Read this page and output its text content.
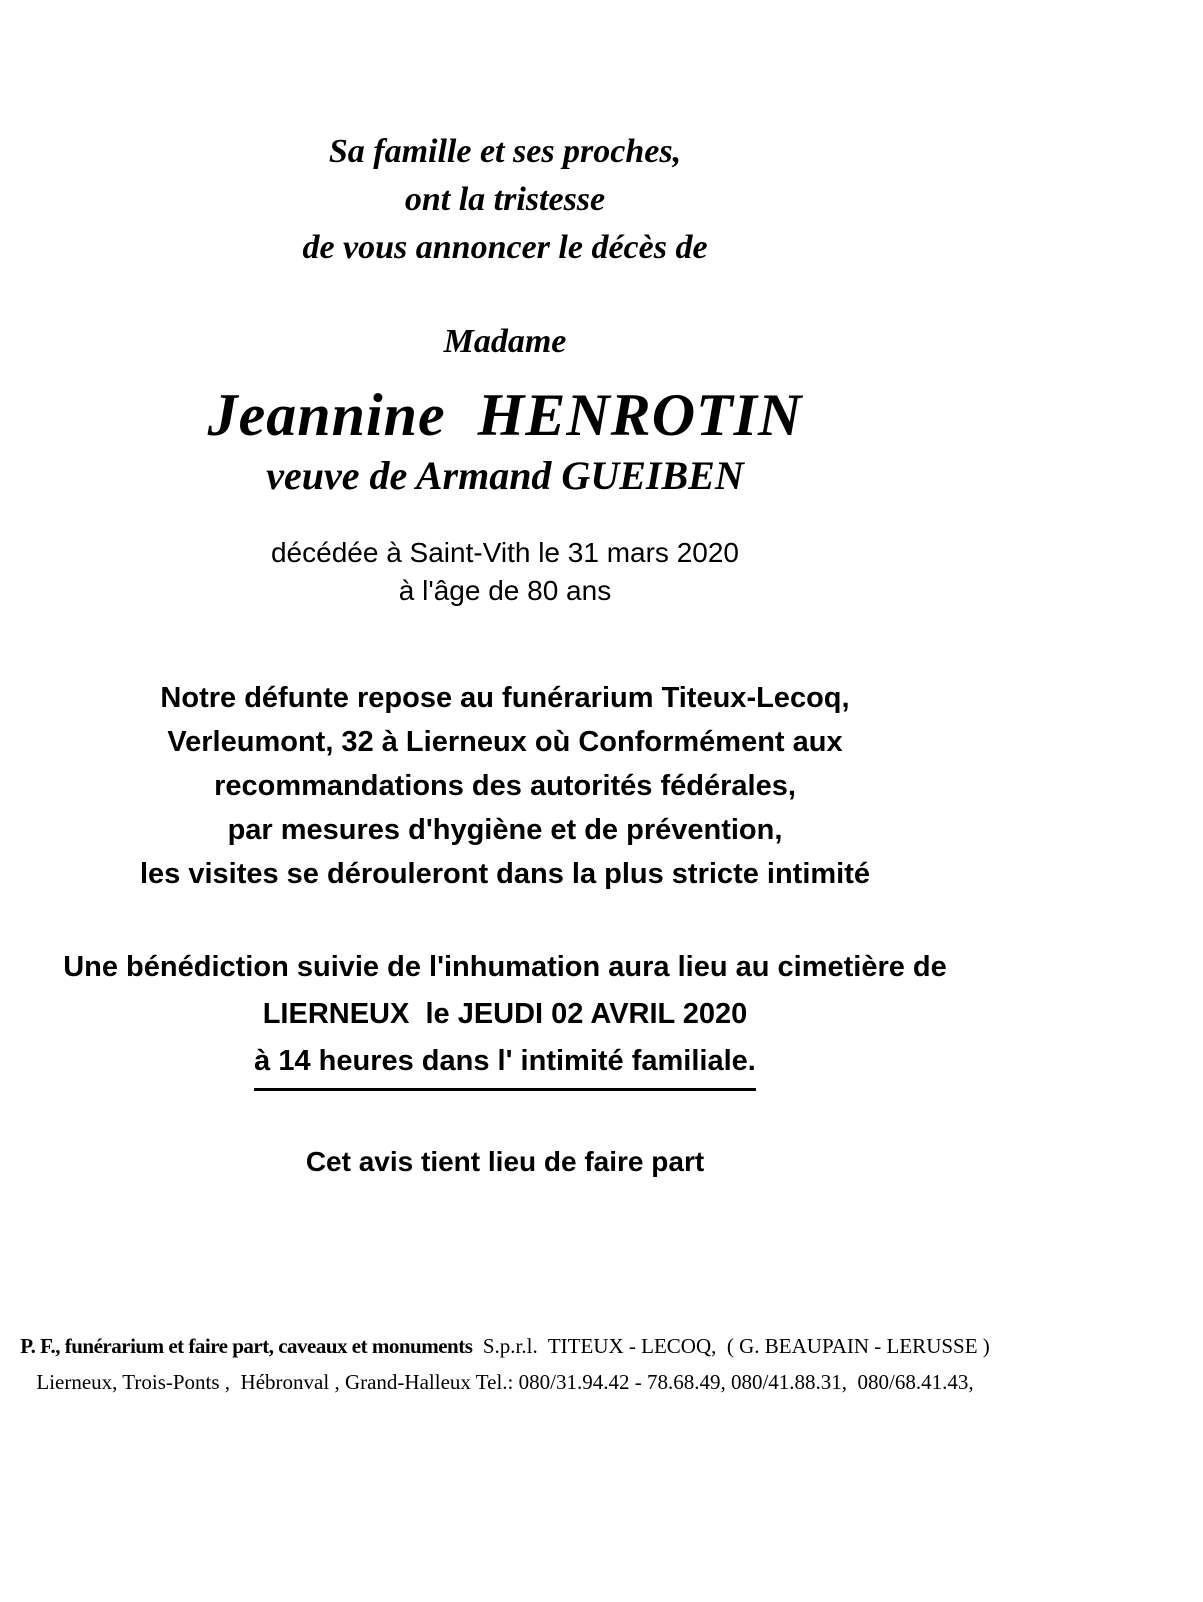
Sa famille et ses proches,
ont la tristesse
de vous annoncer le décès de
Madame
Jeannine  HENROTIN
veuve de Armand GUEIBEN
décédée à Saint-Vith le 31 mars 2020
à l'âge de 80 ans
Notre défunte repose au funérarium Titeux-Lecoq,
Verleumont, 32 à Lierneux où Conformément aux
recommandations des autorités fédérales,
par mesures d'hygiène et de prévention,
les visites se dérouleront dans la plus stricte intimité
Une bénédiction suivie de l'inhumation aura lieu au cimetière de
LIERNEUX  le JEUDI 02 AVRIL 2020
à 14 heures dans l' intimité familiale.
Cet avis tient lieu de faire part
P. F., funérarium et faire part, caveaux et monuments  S.p.r.l.  TITEUX - LECOQ,  ( G. BEAUPAIN - LERUSSE )
Lierneux, Trois-Ponts ,  Hébronval , Grand-Halleux Tel.: 080/31.94.42 - 78.68.49, 080/41.88.31,  080/68.41.43,
